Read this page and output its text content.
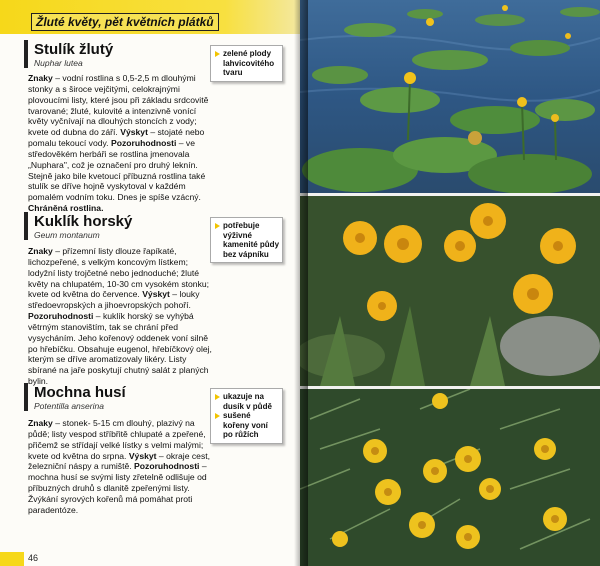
Žluté květy, pět květních plátků
Stulík žlutý
Nuphar lutea

Znaky – vodní rostlina s 0,5-2,5 m dlouhými stonky a s široce vejčitými, celokrajnými plovoucími listy, které jsou při základu srdcovitě tvarované; žluté, kulovité a intenzivně vonící květy vyčnívají na dlouhých stoncích z vody; kvete od dubna do září. Výskyt – stojaté nebo pomalu tekoucí vody. Pozoruhodnosti – ve středověkém herbáři se rostlina jmenovala „Nuphara", což je označení pro druhý leknín. Stejně jako bile kvetoucí příbuzná rostlina také stulík se dříve hojně vyskytoval v každém pomalém vodním toku. Dnes je spíše vzácný. Chráněná rostlina.

zelené plody lahvicovitého tvaru
Kuklík horský
Geum montanum

Znaky – přízemní listy dlouze řapíkaté, lichozpeřené, s velkým koncovým lístkem; lodyžní listy trojčetné nebo jednoduché; žluté květy na chlupatém, 10-30 cm vysokém stonku; kvete od května do července. Výskyt – louky středoevropských a jihoevropských pohoří. Pozoruhodnosti – kuklík horský se vyhýbá větrným stanovištím, tak se chrání před vysycháním. Jeho kořenový oddenek voní silně po hřebíčku. Obsahuje eugenol, hřebíčkový olej, kterým se dříve aromatizovaly likéry. Listy sbírané na jaře poskytují chutný salát z planých bylin.

potřebuje výživné kamenité půdy bez vápníku
Mochna husí
Potentilla anserina

Znaky – stonek- 5-15 cm dlouhý, plazivý na půdě; listy vespod stříbřitě chlupaté a zpeřené, přičemž se střídají velké lístky s velmi malými; kvete od května do srpna. Výskyt – okraje cest, železniční náspy a rumiště. Pozoruhodnosti – mochna husí se svými listy zřetelně odlišuje od příbuzných druhů s dlanitě zpeřenými listy. Žvýkání syrových kořenů má pomáhat proti paradentóze.

ukazuje na dusík v půdě
sušené kořeny voní po růžích
46
